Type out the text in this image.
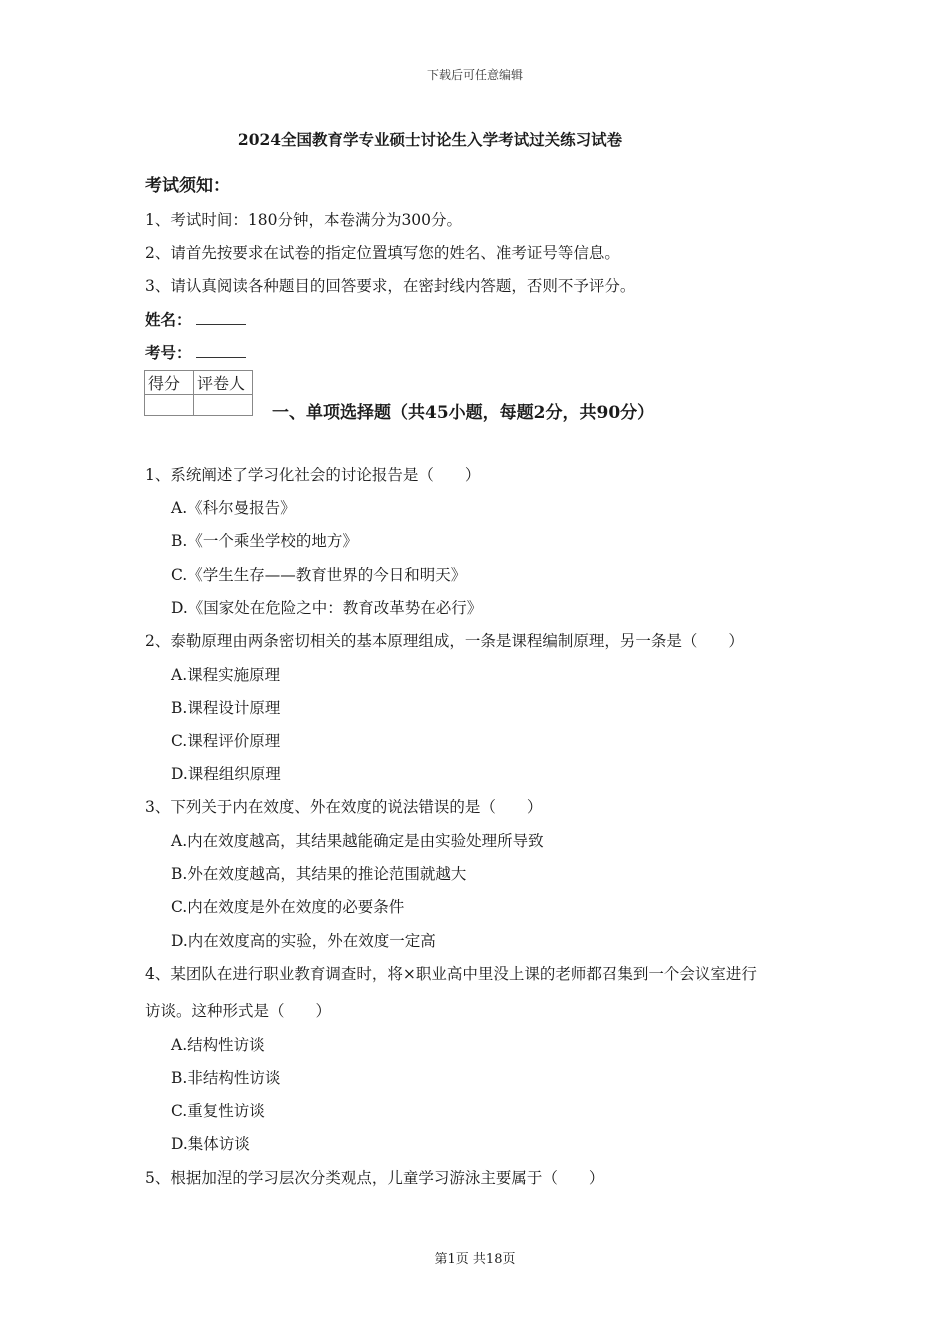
下载后可任意编辑
2024全国教育学专业硕士讨论生入学考试过关练习试卷
考试须知：
1、考试时间：180分钟，本卷满分为300分。
2、请首先按要求在试卷的指定位置填写您的姓名、准考证号等信息。
3、请认真阅读各种题目的回答要求，在密封线内答题，否则不予评分。
姓名：
考号：
得分	评卷人

一、单项选择题（共45小题，每题2分，共90分）
1、系统阐述了学习化社会的讨论报告是（　　）
A.《科尔曼报告》
B.《一个乘坐学校的地方》
C.《学生生存——教育世界的今日和明天》
D.《国家处在危险之中：教育改革势在必行》
2、泰勒原理由两条密切相关的基本原理组成，一条是课程编制原理，另一条是（　　）
A.课程实施原理
B.课程设计原理
C.课程评价原理
D.课程组织原理
3、下列关于内在效度、外在效度的说法错误的是（　　）
A.内在效度越高，其结果越能确定是由实验处理所导致
B.外在效度越高，其结果的推论范围就越大
C.内在效度是外在效度的必要条件
D.内在效度高的实验，外在效度一定高
4、某团队在进行职业教育调查时，将×职业高中里没上课的老师都召集到一个会议室进行
访谈。这种形式是（　　）
A.结构性访谈
B.非结构性访谈
C.重复性访谈
D.集体访谈
5、根据加涅的学习层次分类观点，儿童学习游泳主要属于（　　）
第1页 共18页
